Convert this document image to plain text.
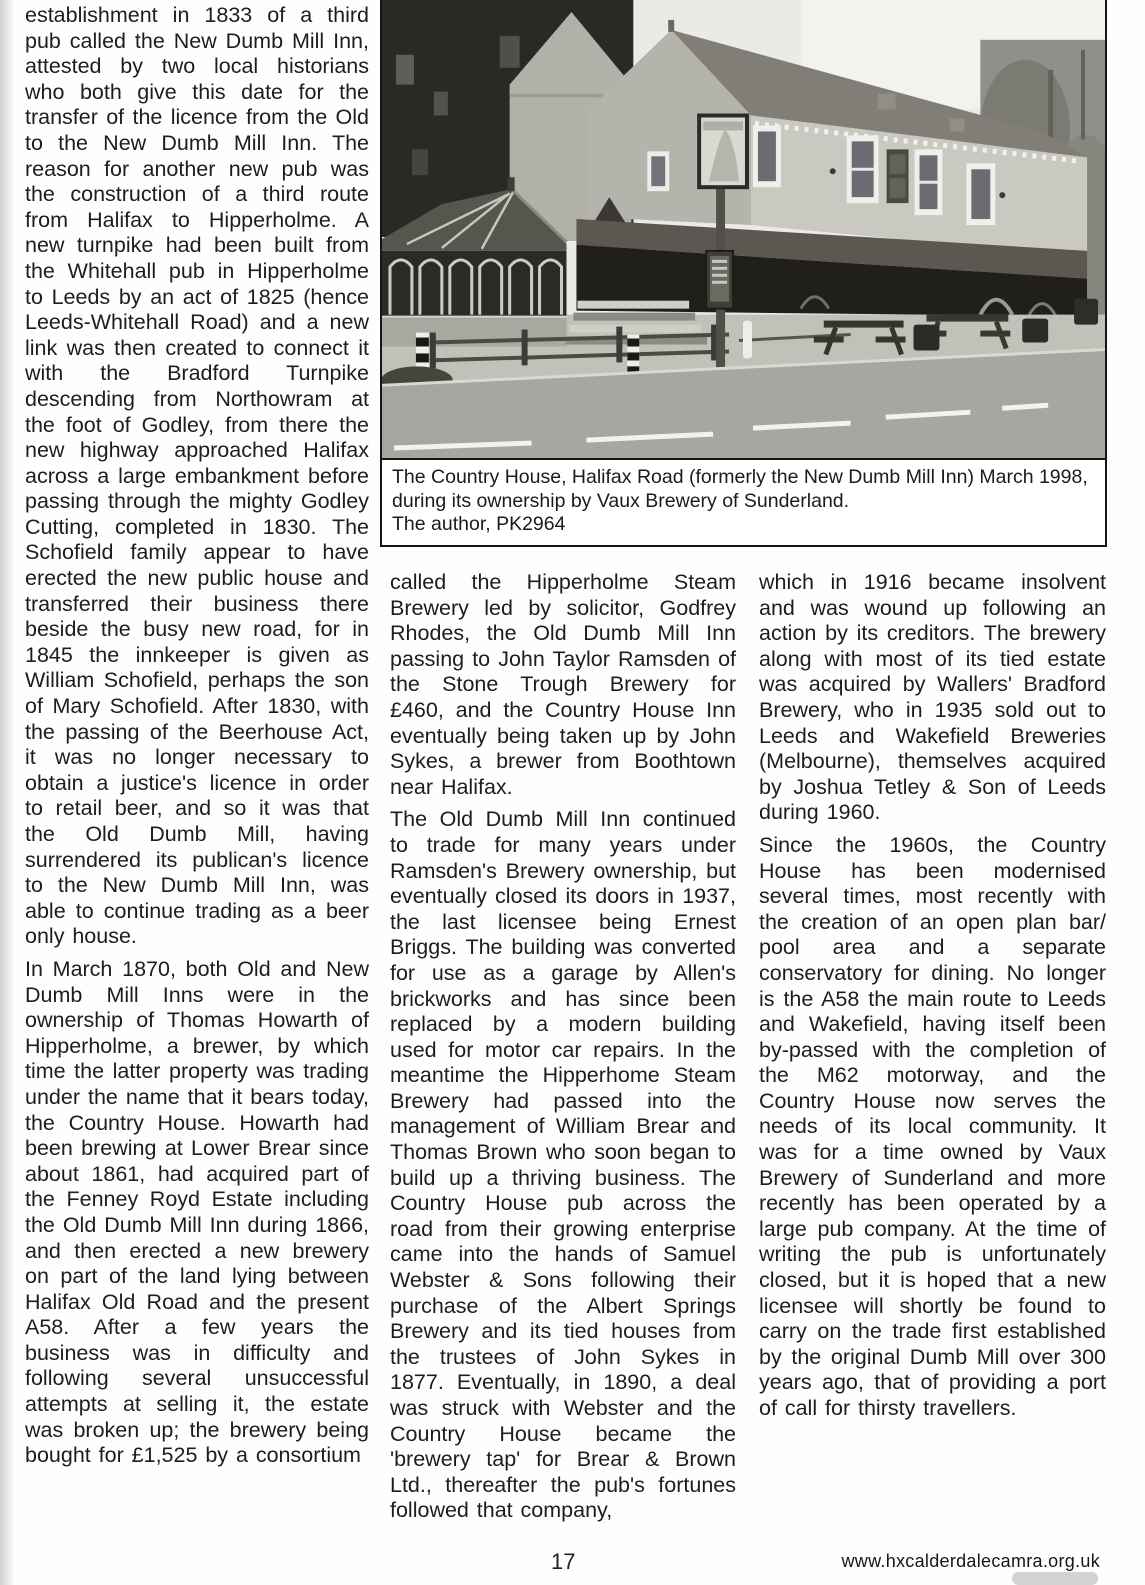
establishment in 1833 of a third pub called the New Dumb Mill Inn, attested by two local historians who both give this date for the transfer of the licence from the Old to the New Dumb Mill Inn. The reason for another new pub was the construction of a third route from Halifax to Hipperholme. A new turnpike had been built from the Whitehall pub in Hipperholme to Leeds by an act of 1825 (hence Leeds-Whitehall Road) and a new link was then created to connect it with the Bradford Turnpike descending from Northowram at the foot of Godley, from there the new highway approached Halifax across a large embankment before passing through the mighty Godley Cutting, completed in 1830. The Schofield family appear to have erected the new public house and transferred their business there beside the busy new road, for in 1845 the innkeeper is given as William Schofield, perhaps the son of Mary Schofield. After 1830, with the passing of the Beerhouse Act, it was no longer necessary to obtain a justice's licence in order to retail beer, and so it was that the Old Dumb Mill, having surrendered its publican's licence to the New Dumb Mill Inn, was able to continue trading as a beer only house.

In March 1870, both Old and New Dumb Mill Inns were in the ownership of Thomas Howarth of Hipperholme, a brewer, by which time the latter property was trading under the name that it bears today, the Country House. Howarth had been brewing at Lower Brear since about 1861, had acquired part of the Fenney Royd Estate including the Old Dumb Mill Inn during 1866, and then erected a new brewery on part of the land lying between Halifax Old Road and the present A58. After a few years the business was in difficulty and following several unsuccessful attempts at selling it, the estate was broken up; the brewery being bought for £1,525 by a consortium

The Country House, Halifax Road (formerly the New Dumb Mill Inn) March 1998,
during its ownership by Vaux Brewery of Sunderland.
The author, PK2964

called the Hipperholme Steam Brewery led by solicitor, Godfrey Rhodes, the Old Dumb Mill Inn passing to John Taylor Ramsden of the Stone Trough Brewery for £460, and the Country House Inn eventually being taken up by John Sykes, a brewer from Boothtown near Halifax.

The Old Dumb Mill Inn continued to trade for many years under Ramsden's Brewery ownership, but eventually closed its doors in 1937, the last licensee being Ernest Briggs. The building was converted for use as a garage by Allen's brickworks and has since been replaced by a modern building used for motor car repairs. In the meantime the Hipperhome Steam Brewery had passed into the management of William Brear and Thomas Brown who soon began to build up a thriving business. The Country House pub across the road from their growing enterprise came into the hands of Samuel Webster & Sons following their purchase of the Albert Springs Brewery and its tied houses from the trustees of John Sykes in 1877. Eventually, in 1890, a deal was struck with Webster and the Country House became the 'brewery tap' for Brear & Brown Ltd., thereafter the pub's fortunes followed that company,

which in 1916 became insolvent and was wound up following an action by its creditors. The brewery along with most of its tied estate was acquired by Wallers' Bradford Brewery, who in 1935 sold out to Leeds and Wakefield Breweries (Melbourne), themselves acquired by Joshua Tetley & Son of Leeds during 1960.

Since the 1960s, the Country House has been modernised several times, most recently with the creation of an open plan bar/ pool area and a separate conservatory for dining. No longer is the A58 the main route to Leeds and Wakefield, having itself been by-passed with the completion of the M62 motorway, and the Country House now serves the needs of its local community. It was for a time owned by Vaux Brewery of Sunderland and more recently has been operated by a large pub company. At the time of writing the pub is unfortunately closed, but it is hoped that a new licensee will shortly be found to carry on the trade first established by the original Dumb Mill over 300 years ago, that of providing a port of call for thirsty travellers.

17	www.hxcalderdalecamra.org.uk
